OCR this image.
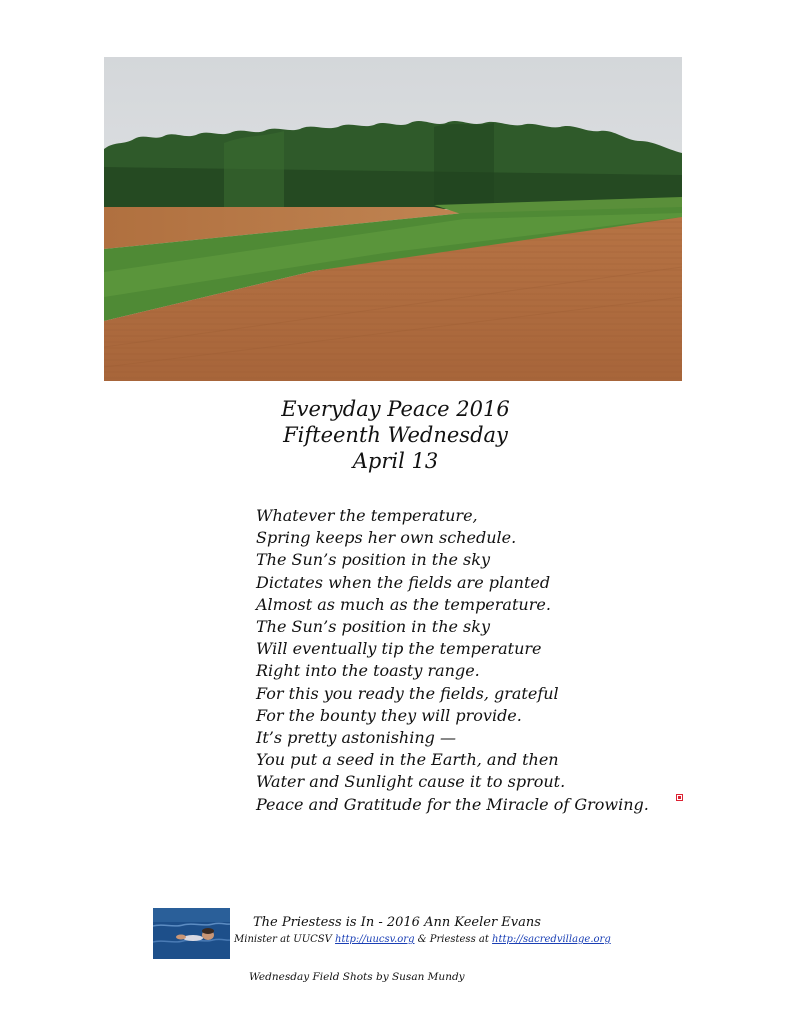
Everyday Peace 2016
Fifteenth Wednesday
April 13
Whatever the temperature,
Spring keeps her own schedule.
The Sun’s position in the sky
Dictates when the fields are planted
Almost as much as the temperature.
The Sun’s position in the sky
Will eventually tip the temperature
Right into the toasty range.
For this you ready the fields, grateful
For the bounty they will provide.
It’s pretty astonishing —
You put a seed in the Earth, and then
Water and Sunlight cause it to sprout.
Peace and Gratitude for the Miracle of Growing.
The Priestess is In - 2016 Ann Keeler Evans
Minister at UUCSV http://uucsv.org & Priestess at http://sacredvillage.org
Wednesday Field Shots by Susan Mundy
